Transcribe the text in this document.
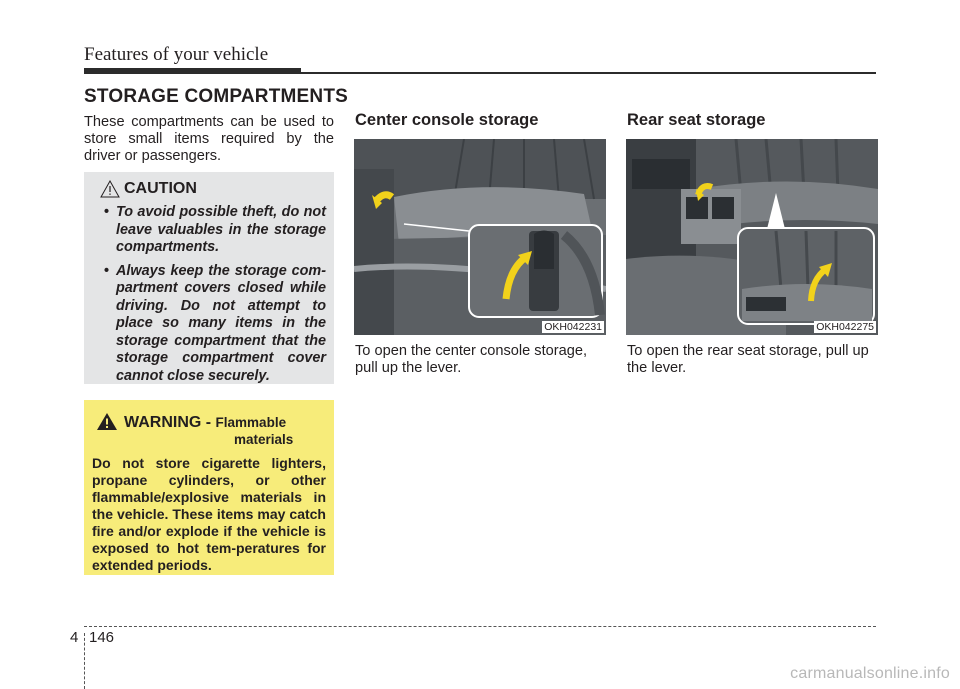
Features of your vehicle
STORAGE COMPARTMENTS

These compartments can be used to store small items required by the driver or passengers.

CAUTION
• To avoid possible theft, do not leave valuables in the storage compartments.
• Always keep the storage com-partment covers closed while driving. Do not attempt to place so many items in the storage compartment that the storage compartment cover cannot close securely.
WARNING - Flammable
materials

Do not store cigarette lighters, propane cylinders, or other flammable/explosive materials in the vehicle. These items may catch fire and/or explode if the vehicle is exposed to hot tem-peratures for extended periods.

Center console storage
OKH042231

To open the center console storage, pull up the lever.

Rear seat storage
OKH042275

To open the rear seat storage, pull up the lever.

4 146
carmanualsonline.info
